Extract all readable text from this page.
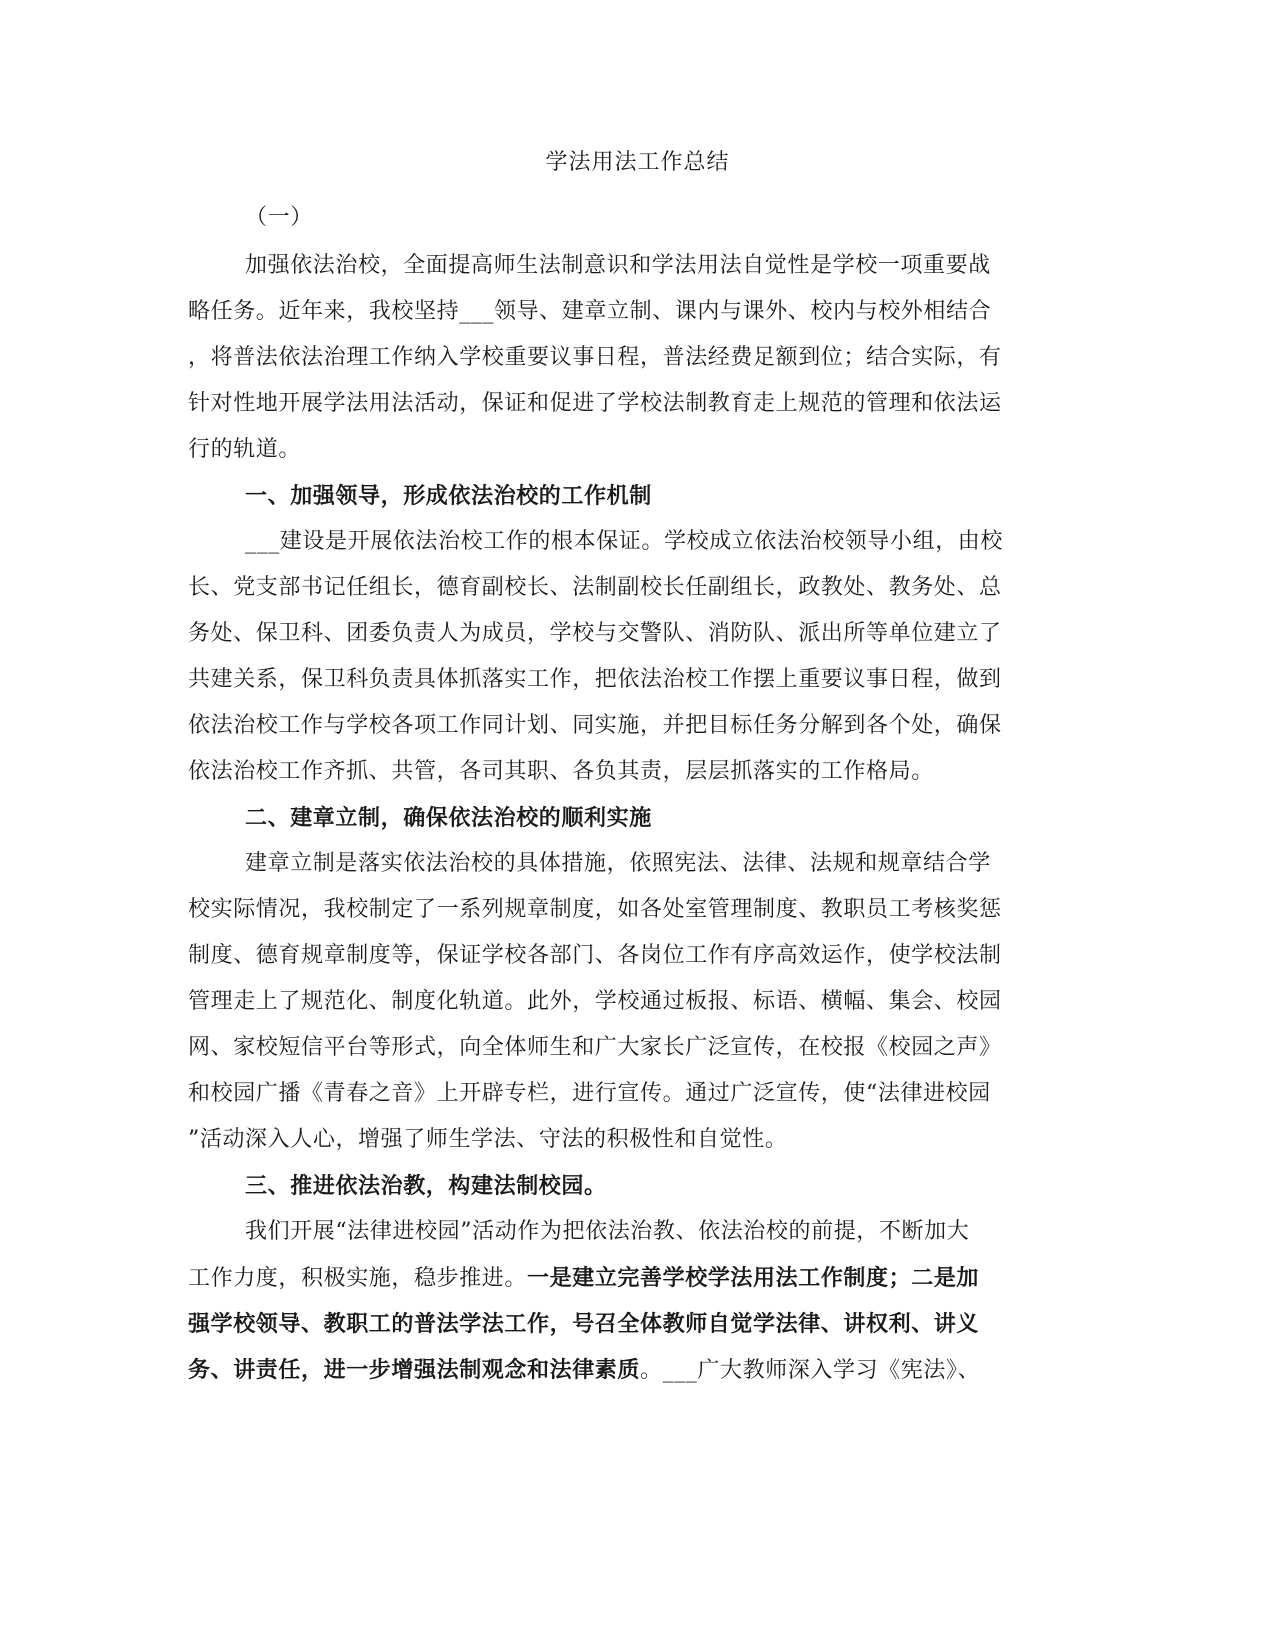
学法用法工作总结
（一）
加强依法治校，全面提高师生法制意识和学法用法自觉性是学校一项重要战
略任务。近年来，我校坚持___领导、建章立制、课内与课外、校内与校外相结合
，将普法依法治理工作纳入学校重要议事日程，普法经费足额到位；结合实际，有
针对性地开展学法用法活动，保证和促进了学校法制教育走上规范的管理和依法运
行的轨道。
一、加强领导，形成依法治校的工作机制
___建设是开展依法治校工作的根本保证。学校成立依法治校领导小组，由校
长、党支部书记任组长，德育副校长、法制副校长任副组长，政教处、教务处、总
务处、保卫科、团委负责人为成员，学校与交警队、消防队、派出所等单位建立了
共建关系，保卫科负责具体抓落实工作，把依法治校工作摆上重要议事日程，做到
依法治校工作与学校各项工作同计划、同实施，并把目标任务分解到各个处，确保
依法治校工作齐抓、共管，各司其职、各负其责，层层抓落实的工作格局。
二、建章立制，确保依法治校的顺利实施
建章立制是落实依法治校的具体措施，依照宪法、法律、法规和规章结合学
校实际情况，我校制定了一系列规章制度，如各处室管理制度、教职员工考核奖惩
制度、德育规章制度等，保证学校各部门、各岗位工作有序高效运作，使学校法制
管理走上了规范化、制度化轨道。此外，学校通过板报、标语、横幅、集会、校园
网、家校短信平台等形式，向全体师生和广大家长广泛宣传，在校报《校园之声》
和校园广播《青春之音》上开辟专栏，进行宣传。通过广泛宣传，使“法律进校园
”活动深入人心，增强了师生学法、守法的积极性和自觉性。
三、推进依法治教，构建法制校园。
我们开展“法律进校园”活动作为把依法治教、依法治校的前提，不断加大
工作力度，积极实施，稳步推进。一是建立完善学校学法用法工作制度；二是加
强学校领导、教职工的普法学法工作，号召全体教师自觉学法律、讲权利、讲义
务、讲责任，进一步增强法制观念和法律素质。___广大教师深入学习《宪法》、
